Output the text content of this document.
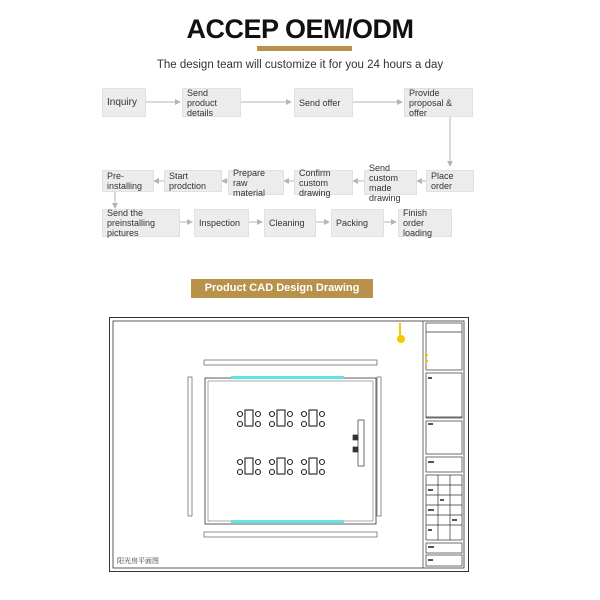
ACCEP OEM/ODM
The design team will customize it for you 24 hours a day
Inquiry
Send product details
Send offer
Provide proposal & offer
Place order
Send custom made drawing
Confirm custom drawing
Prepare raw material
Start prodction
Pre-installing
Send the preinstalling pictures
Inspection	Cleaning	Packing
Finish order loading
Product CAD Design Drawing
阳光房平面图
